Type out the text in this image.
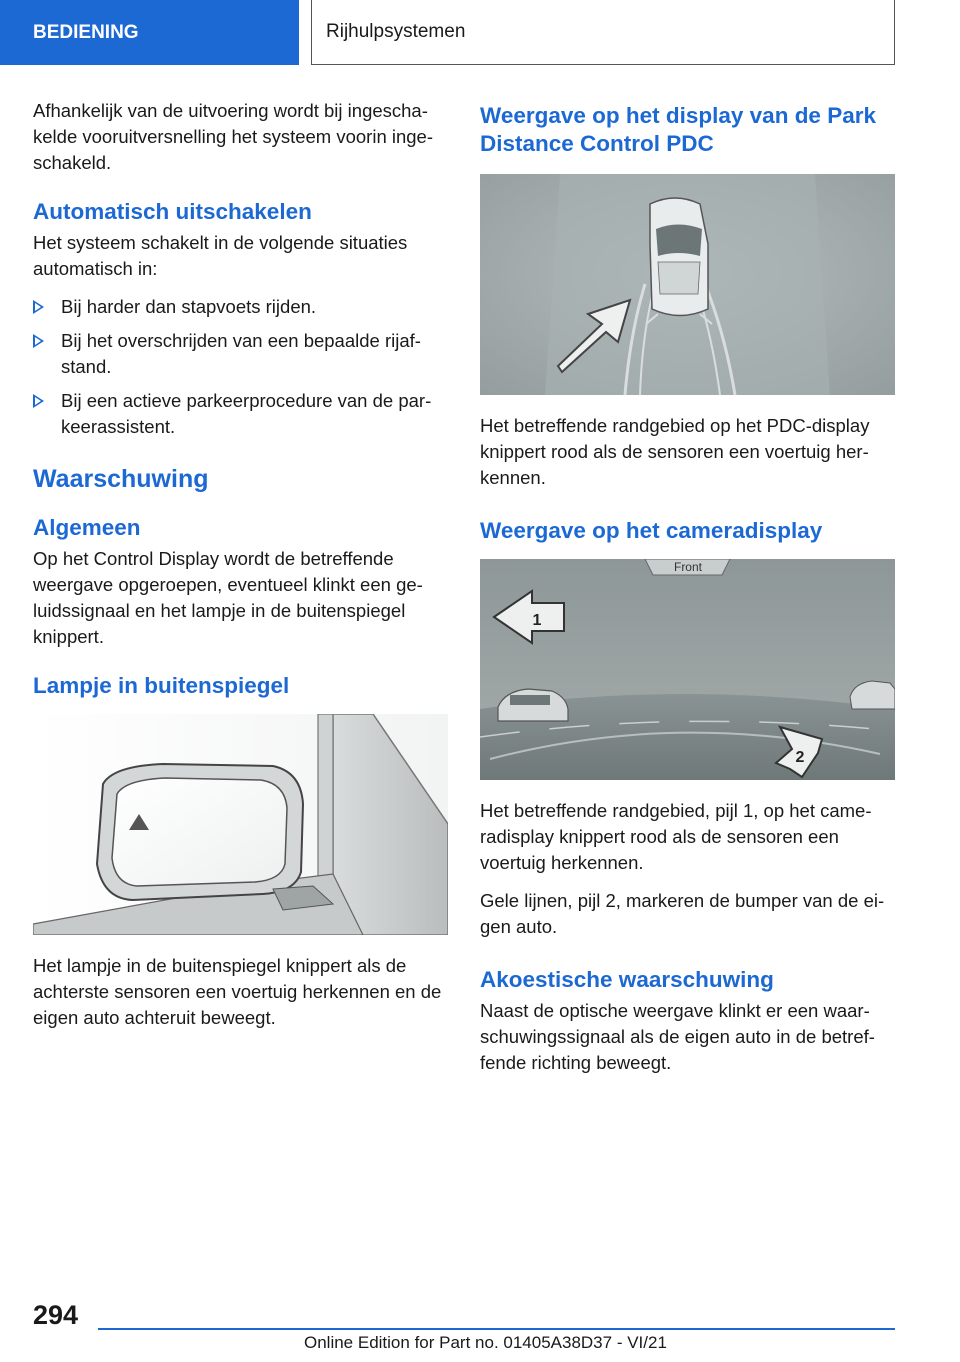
BEDIENING	Rijhulpsystemen

Afhankelijk van de uitvoering wordt bij ingeschakelde vooruitversnelling het systeem voorin ingeschakeld.

Automatisch uitschakelen

Het systeem schakelt in de volgende situaties automatisch in:

Bij harder dan stapvoets rijden.
Bij het overschrijden van een bepaalde rijafstand.
Bij een actieve parkeerprocedure van de parkeerassistent.
Waarschuwing
Algemeen

Op het Control Display wordt de betreffende weergave opgeroepen, eventueel klinkt een geluidssignaal en het lampje in de buitenspiegel knippert.

Lampje in buitenspiegel

Het lampje in de buitenspiegel knippert als de achterste sensoren een voertuig herkennen en de eigen auto achteruit beweegt.

Weergave op het display van de Park Distance Control PDC

Het betreffende randgebied op het PDC-display knippert rood als de sensoren een voertuig herkennen.

Weergave op het cameradisplay
Front
1
2

Het betreffende randgebied, pijl 1, op het cameradisplay knippert rood als de sensoren een voertuig herkennen.

Gele lijnen, pijl 2, markeren de bumper van de eigen auto.

Akoestische waarschuwing

Naast de optische weergave klinkt er een waarschuwingssignaal als de eigen auto in de betreffende richting beweegt.

294
Online Edition for Part no. 01405A38D37 - VI/21
